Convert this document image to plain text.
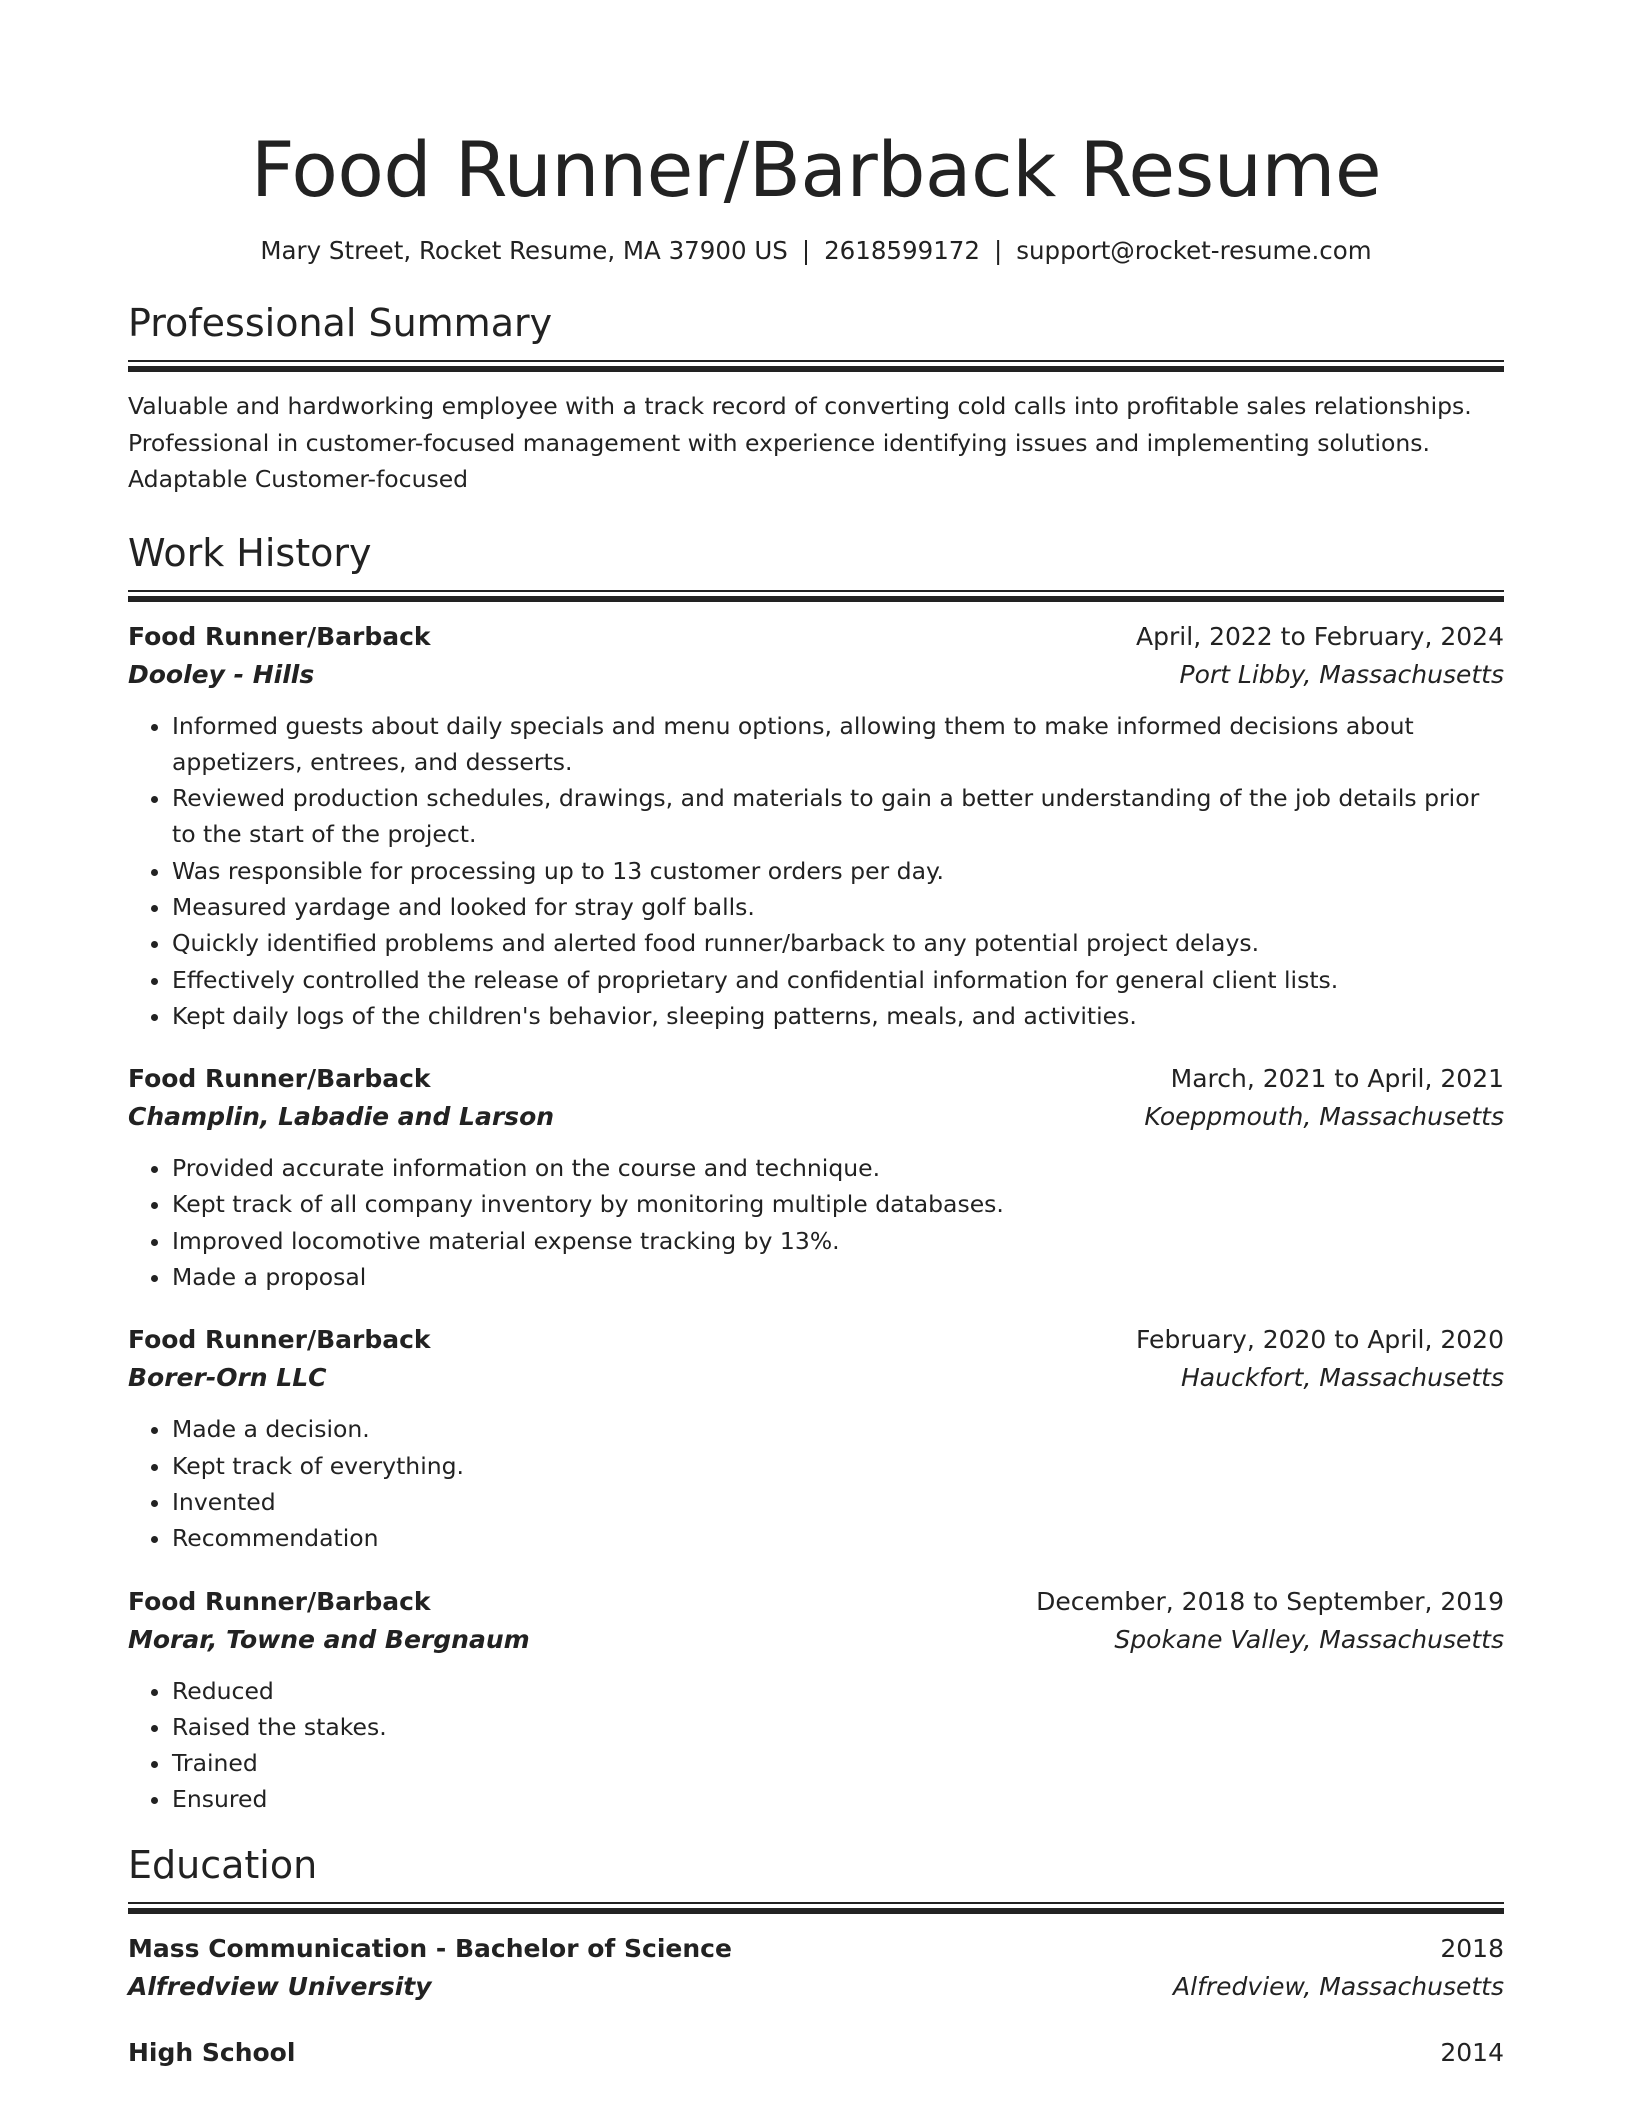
Food Runner/Barback Resume
Mary Street, Rocket Resume, MA 37900 US | 2618599172 | support@rocket-resume.com
Professional Summary
Valuable and hardworking employee with a track record of converting cold calls into profitable sales relationships.
Professional in customer-focused management with experience identifying issues and implementing solutions.
Adaptable Customer-focused
Work History
Food Runner/Barback	April, 2022 to February, 2024
Dooley - Hills	Port Libby, Massachusetts
• Informed guests about daily specials and menu options, allowing them to make informed decisions about appetizers, entrees, and desserts.
• Reviewed production schedules, drawings, and materials to gain a better understanding of the job details prior to the start of the project.
• Was responsible for processing up to 13 customer orders per day.
• Measured yardage and looked for stray golf balls.
• Quickly identified problems and alerted food runner/barback to any potential project delays.
• Effectively controlled the release of proprietary and confidential information for general client lists.
• Kept daily logs of the children's behavior, sleeping patterns, meals, and activities.
Food Runner/Barback	March, 2021 to April, 2021
Champlin, Labadie and Larson	Koeppmouth, Massachusetts
• Provided accurate information on the course and technique.
• Kept track of all company inventory by monitoring multiple databases.
• Improved locomotive material expense tracking by 13%.
• Made a proposal
Food Runner/Barback	February, 2020 to April, 2020
Borer-Orn LLC	Hauckfort, Massachusetts
• Made a decision.
• Kept track of everything.
• Invented
• Recommendation
Food Runner/Barback	December, 2018 to September, 2019
Morar, Towne and Bergnaum	Spokane Valley, Massachusetts
• Reduced
• Raised the stakes.
• Trained
• Ensured
Education
Mass Communication - Bachelor of Science	2018
Alfredview University	Alfredview, Massachusetts
High School	2014
